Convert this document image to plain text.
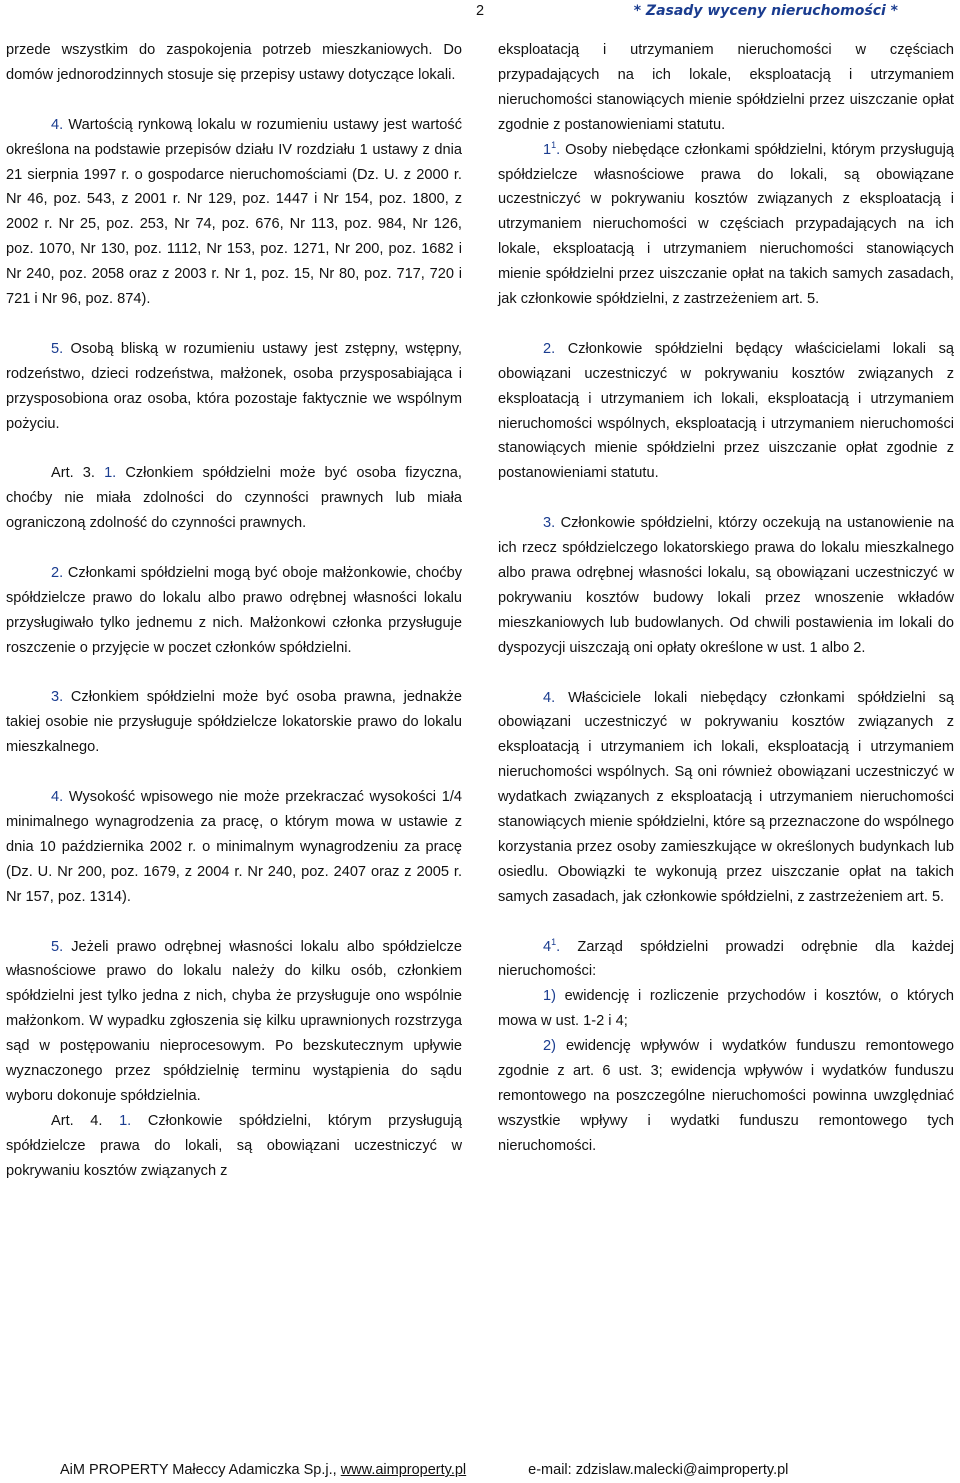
2	* Zasady wyceny nieruchomości *

przede wszystkim do zaspokojenia potrzeb mieszkaniowych. Do domów jednorodzinnych stosuje się przepisy ustawy dotyczące lokali.

4. Wartością rynkową lokalu w rozumieniu ustawy jest wartość określona na podstawie przepisów działu IV rozdziału 1 ustawy z dnia 21 sierpnia 1997 r. o gospodarce nieruchomościami (Dz. U. z 2000 r. Nr 46, poz. 543, z 2001 r. Nr 129, poz. 1447 i Nr 154, poz. 1800, z 2002 r. Nr 25, poz. 253, Nr 74, poz. 676, Nr 113, poz. 984, Nr 126, poz. 1070, Nr 130, poz. 1112, Nr 153, poz. 1271, Nr 200, poz. 1682 i Nr 240, poz. 2058 oraz z 2003 r. Nr 1, poz. 15, Nr 80, poz. 717, 720 i 721 i Nr 96, poz. 874).

5. Osobą bliską w rozumieniu ustawy jest zstępny, wstępny, rodzeństwo, dzieci rodzeństwa, małżonek, osoba przysposabiająca i przysposobiona oraz osoba, która pozostaje faktycznie we wspólnym pożyciu.

Art. 3. 1. Członkiem spółdzielni może być osoba fizyczna, choćby nie miała zdolności do czynności prawnych lub miała ograniczoną zdolność do czynności prawnych.

2. Członkami spółdzielni mogą być oboje małżonkowie, choćby spółdzielcze prawo do lokalu albo prawo odrębnej własności lokalu przysługiwało tylko jednemu z nich. Małżonkowi członka przysługuje roszczenie o przyjęcie w poczet członków spółdzielni.

3. Członkiem spółdzielni może być osoba prawna, jednakże takiej osobie nie przysługuje spółdzielcze lokatorskie prawo do lokalu mieszkalnego.

4. Wysokość wpisowego nie może przekraczać wysokości 1/4 minimalnego wynagrodzenia za pracę, o którym mowa w ustawie z dnia 10 października 2002 r. o minimalnym wynagrodzeniu za pracę (Dz. U. Nr 200, poz. 1679, z 2004 r. Nr 240, poz. 2407 oraz z 2005 r. Nr 157, poz. 1314).

5. Jeżeli prawo odrębnej własności lokalu albo spółdzielcze własnościowe prawo do lokalu należy do kilku osób, członkiem spółdzielni jest tylko jedna z nich, chyba że przysługuje ono wspólnie małżonkom. W wypadku zgłoszenia się kilku uprawnionych rozstrzyga sąd w postępowaniu nieprocesowym. Po bezskutecznym upływie wyznaczonego przez spółdzielnię terminu wystąpienia do sądu wyboru dokonuje spółdzielnia.

Art. 4. 1. Członkowie spółdzielni, którym przysługują spółdzielcze prawa do lokali, są obowiązani uczestniczyć w pokrywaniu kosztów związanych z

eksploatacją i utrzymaniem nieruchomości w częściach przypadających na ich lokale, eksploatacją i utrzymaniem nieruchomości stanowiących mienie spółdzielni przez uiszczanie opłat zgodnie z postanowieniami statutu.

$1^1$. Osoby niebędące członkami spółdzielni, którym przysługują spółdzielcze własnościowe prawa do lokali, są obowiązane uczestniczyć w pokrywaniu kosztów związanych z eksploatacją i utrzymaniem nieruchomości w częściach przypadających na ich lokale, eksploatacją i utrzymaniem nieruchomości stanowiących mienie spółdzielni przez uiszczanie opłat na takich samych zasadach, jak członkowie spółdzielni, z zastrzeżeniem art. 5.

2. Członkowie spółdzielni będący właścicielami lokali są obowiązani uczestniczyć w pokrywaniu kosztów związanych z eksploatacją i utrzymaniem ich lokali, eksploatacją i utrzymaniem nieruchomości wspólnych, eksploatacją i utrzymaniem nieruchomości stanowiących mienie spółdzielni przez uiszczanie opłat zgodnie z postanowieniami statutu.

3. Członkowie spółdzielni, którzy oczekują na ustanowienie na ich rzecz spółdzielczego lokatorskiego prawa do lokalu mieszkalnego albo prawa odrębnej własności lokalu, są obowiązani uczestniczyć w pokrywaniu kosztów budowy lokali przez wnoszenie wkładów mieszkaniowych lub budowlanych. Od chwili postawienia im lokali do dyspozycji uiszczają oni opłaty określone w ust. 1 albo 2.

4. Właściciele lokali niebędący członkami spółdzielni są obowiązani uczestniczyć w pokrywaniu kosztów związanych z eksploatacją i utrzymaniem ich lokali, eksploatacją i utrzymaniem nieruchomości wspólnych. Są oni również obowiązani uczestniczyć w wydatkach związanych z eksploatacją i utrzymaniem nieruchomości stanowiących mienie spółdzielni, które są przeznaczone do wspólnego korzystania przez osoby zamieszkujące w określonych budynkach lub osiedlu. Obowiązki te wykonują przez uiszczanie opłat na takich samych zasadach, jak członkowie spółdzielni, z zastrzeżeniem art. 5.

$4^1$. Zarząd spółdzielni prowadzi odrębnie dla każdej nieruchomości:

1) ewidencję i rozliczenie przychodów i kosztów, o których mowa w ust. 1-2 i 4;

2) ewidencję wpływów i wydatków funduszu remontowego zgodnie z art. 6 ust. 3; ewidencja wpływów i wydatków funduszu remontowego na poszczególne nieruchomości powinna uwzględniać wszystkie wpływy i wydatki funduszu remontowego tych nieruchomości.

AiM PROPERTY Małeccy Adamiczka Sp.j., www.aimproperty.pl	e-mail: zdzislaw.malecki@aimproperty.pl
